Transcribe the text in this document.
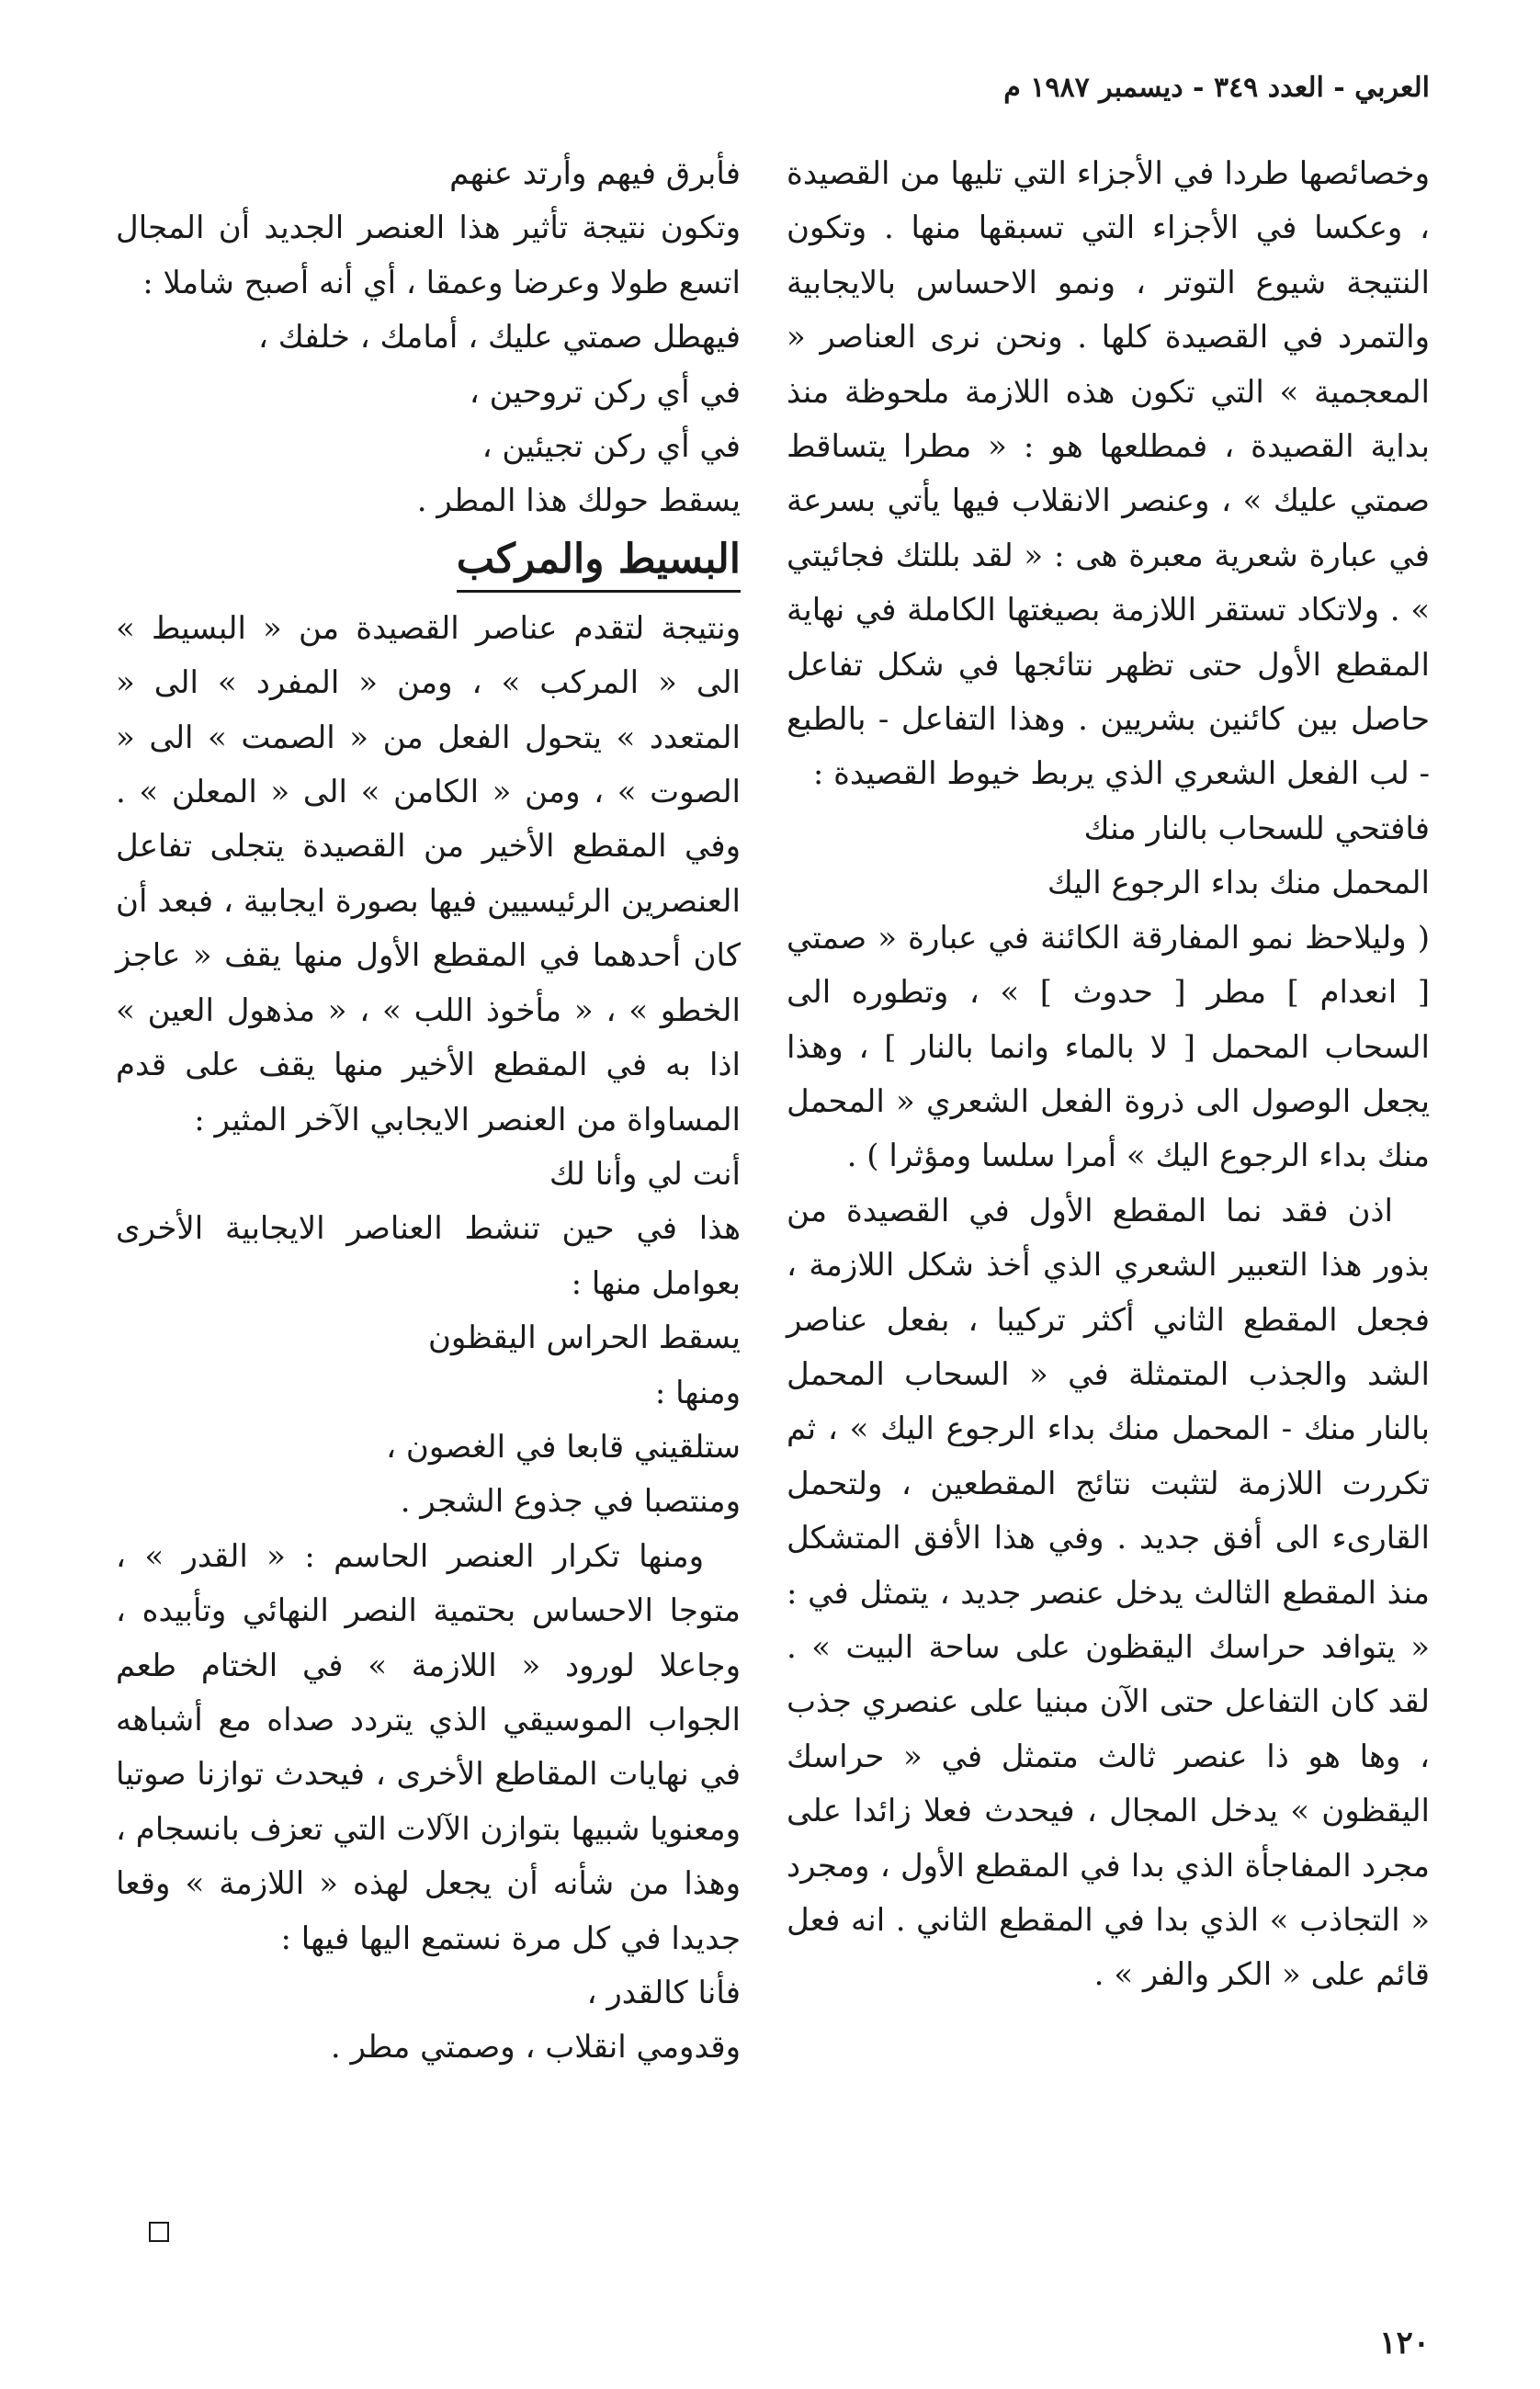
العربي - العدد ٣٤٩ - ديسمبر ١٩٨٧ م

وخصائصها طردا في الأجزاء التي تليها من القصيدة ، وعكسا في الأجزاء التي تسبقها منها . وتكون النتيجة شيوع التوتر ، ونمو الاحساس بالايجابية والتمرد في القصيدة كلها . ونحن نرى العناصر « المعجمية » التي تكون هذه اللازمة ملحوظة منذ بداية القصيدة ، فمطلعها هو : « مطرا يتساقط صمتي عليك » ، وعنصر الانقلاب فيها يأتي بسرعة في عبارة شعرية معبرة هى : « لقد بللتك فجائيتي » . ولاتكاد تستقر اللازمة بصيغتها الكاملة في نهاية المقطع الأول حتى تظهر نتائجها في شكل تفاعل حاصل بين كائنين بشريين . وهذا التفاعل - بالطبع - لب الفعل الشعري الذي يربط خيوط القصيدة :

فافتحي للسحاب بالنار منك

المحمل منك بداء الرجوع اليك

( وليلاحظ نمو المفارقة الكائنة في عبارة « صمتي [ انعدام ] مطر [ حدوث ] » ، وتطوره الى السحاب المحمل [ لا بالماء وانما بالنار ] ، وهذا يجعل الوصول الى ذروة الفعل الشعري « المحمل منك بداء الرجوع اليك » أمرا سلسا ومؤثرا ) .

اذن فقد نما المقطع الأول في القصيدة من بذور هذا التعبير الشعري الذي أخذ شكل اللازمة ، فجعل المقطع الثاني أكثر تركيبا ، بفعل عناصر الشد والجذب المتمثلة في « السحاب المحمل بالنار منك - المحمل منك بداء الرجوع اليك » ، ثم تكررت اللازمة لتثبت نتائج المقطعين ، ولتحمل القارىء الى أفق جديد . وفي هذا الأفق المتشكل منذ المقطع الثالث يدخل عنصر جديد ، يتمثل في : « يتوافد حراسك اليقظون على ساحة البيت » . لقد كان التفاعل حتى الآن مبنيا على عنصري جذب ، وها هو ذا عنصر ثالث متمثل في « حراسك اليقظون » يدخل المجال ، فيحدث فعلا زائدا على مجرد المفاجأة الذي بدا في المقطع الأول ، ومجرد « التجاذب » الذي بدا في المقطع الثاني . انه فعل قائم على « الكر والفر » .

فأبرق فيهم وأرتد عنهم

وتكون نتيجة تأثير هذا العنصر الجديد أن المجال اتسع طولا وعرضا وعمقا ، أي أنه أصبح شاملا :

فيهطل صمتي عليك ، أمامك ، خلفك ،

في أي ركن تروحين ،

في أي ركن تجيئين ،

يسقط حولك هذا المطر .

البسيط والمركب

ونتيجة لتقدم عناصر القصيدة من « البسيط » الى « المركب » ، ومن « المفرد » الى « المتعدد » يتحول الفعل من « الصمت » الى « الصوت » ، ومن « الكامن » الى « المعلن » . وفي المقطع الأخير من القصيدة يتجلى تفاعل العنصرين الرئيسيين فيها بصورة ايجابية ، فبعد أن كان أحدهما في المقطع الأول منها يقف « عاجز الخطو » ، « مأخوذ اللب » ، « مذهول العين » اذا به في المقطع الأخير منها يقف على قدم المساواة من العنصر الايجابي الآخر المثير :

أنت لي وأنا لك

هذا في حين تنشط العناصر الايجابية الأخرى بعوامل منها :

يسقط الحراس اليقظون

ومنها :

ستلقيني قابعا في الغصون ،

ومنتصبا في جذوع الشجر .

ومنها تكرار العنصر الحاسم : « القدر » ، متوجا الاحساس بحتمية النصر النهائي وتأبيده ، وجاعلا لورود « اللازمة » في الختام طعم الجواب الموسيقي الذي يتردد صداه مع أشباهه في نهايات المقاطع الأخرى ، فيحدث توازنا صوتيا ومعنويا شبيها بتوازن الآلات التي تعزف بانسجام ، وهذا من شأنه أن يجعل لهذه « اللازمة » وقعا جديدا في كل مرة نستمع اليها فيها :

فأنا كالقدر ،

وقدومي انقلاب ، وصمتي مطر .

١٢٠
